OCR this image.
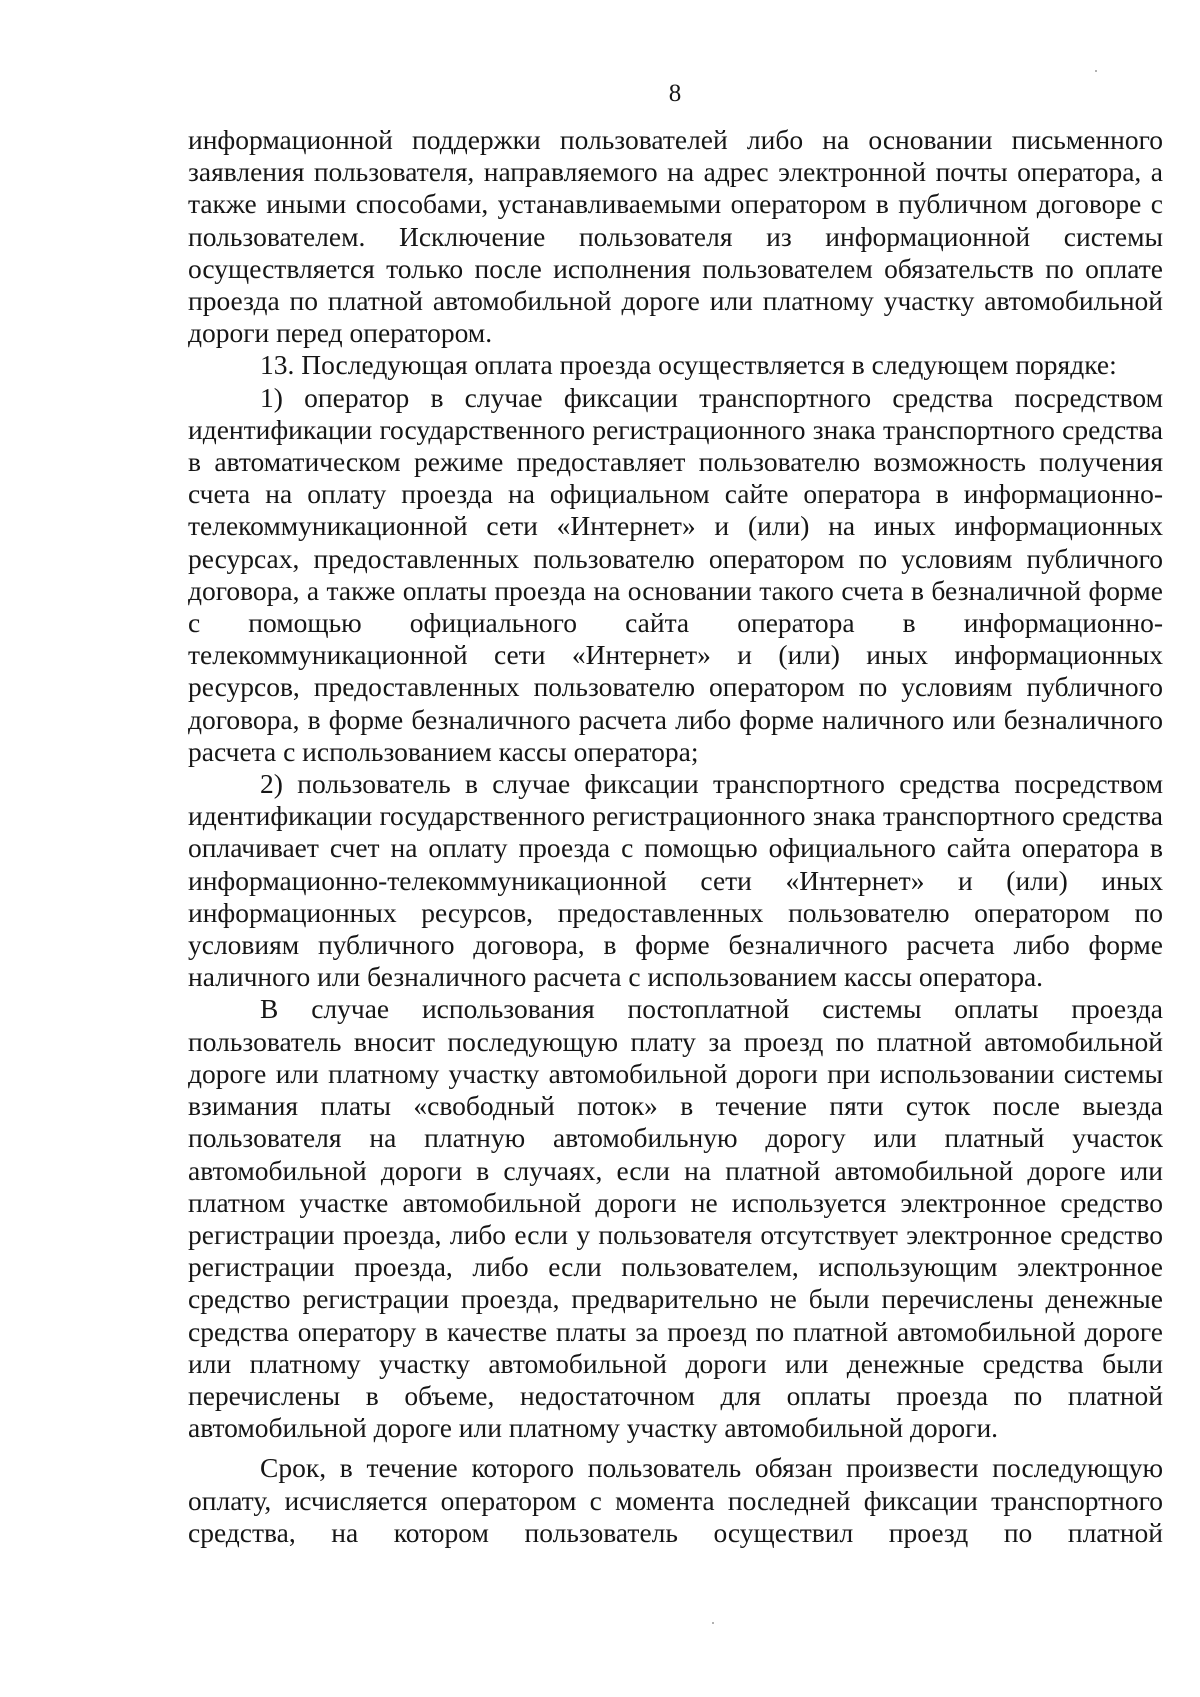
8

информационной поддержки пользователей либо на основании письменного заявления пользователя, направляемого на адрес электронной почты оператора, а также иными способами, устанавливаемыми оператором в публичном договоре с пользователем. Исключение пользователя из информационной системы осуществляется только после исполнения пользователем обязательств по оплате проезда по платной автомобильной дороге или платному участку автомобильной дороги перед оператором.

13. Последующая оплата проезда осуществляется в следующем порядке:

1) оператор в случае фиксации транспортного средства посредством идентификации государственного регистрационного знака транспортного средства в автоматическом режиме предоставляет пользователю возможность получения счета на оплату проезда на официальном сайте оператора в информационно-телекоммуникационной сети «Интернет» и (или) на иных информационных ресурсах, предоставленных пользователю оператором по условиям публичного договора, а также оплаты проезда на основании такого счета в безналичной форме с помощью официального сайта оператора в информационно-телекоммуникационной сети «Интернет» и (или) иных информационных ресурсов, предоставленных пользователю оператором по условиям публичного договора, в форме безналичного расчета либо форме наличного или безналичного расчета с использованием кассы оператора;

2) пользователь в случае фиксации транспортного средства посредством идентификации государственного регистрационного знака транспортного средства оплачивает счет на оплату проезда с помощью официального сайта оператора в информационно-телекоммуникационной сети «Интернет» и (или) иных информационных ресурсов, предоставленных пользователю оператором по условиям публичного договора, в форме безналичного расчета либо форме наличного или безналичного расчета с использованием кассы оператора.

В случае использования постоплатной системы оплаты проезда пользователь вносит последующую плату за проезд по платной автомобильной дороге или платному участку автомобильной дороги при использовании системы взимания платы «свободный поток» в течение пяти суток после выезда пользователя на платную автомобильную дорогу или платный участок автомобильной дороги в случаях, если на платной автомобильной дороге или платном участке автомобильной дороги не используется электронное средство регистрации проезда, либо если у пользователя отсутствует электронное средство регистрации проезда, либо если пользователем, использующим электронное средство регистрации проезда, предварительно не были перечислены денежные средства оператору в качестве платы за проезд по платной автомобильной дороге или платному участку автомобильной дороги или денежные средства были перечислены в объеме, недостаточном для оплаты проезда по платной автомобильной дороге или платному участку автомобильной дороги.

Срок, в течение которого пользователь обязан произвести последующую оплату, исчисляется оператором с момента последней фиксации транспортного средства, на котором пользователь осуществил проезд по платной
